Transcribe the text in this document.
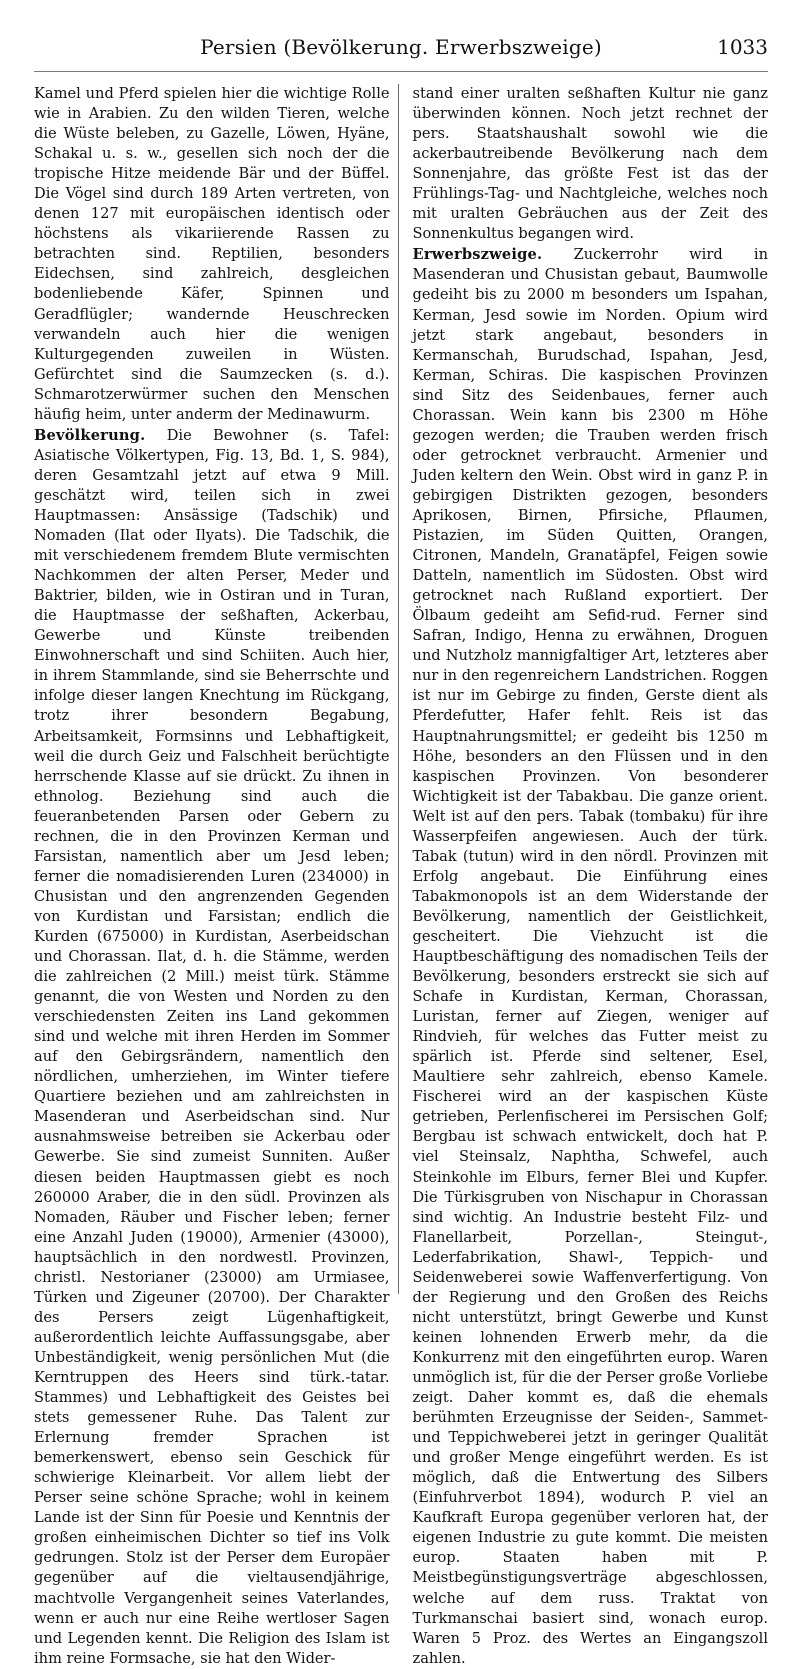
Persien (Bevölkerung. Erwerbszweige)	1033

Kamel und Pferd spielen hier die wichtige Rolle wie in Arabien. Zu den wilden Tieren, welche die Wüste beleben, zu Gazelle, Löwen, Hyäne, Schakal u. s. w., gesellen sich noch der die tropische Hitze meidende Bär und der Büffel. Die Vögel sind durch 189 Arten vertreten, von denen 127 mit europäischen identisch oder höchstens als vikariierende Rassen zu betrachten sind. Reptilien, besonders Eidechsen, sind zahlreich, desgleichen bodenliebende Käfer, Spinnen und Geradflügler; wandernde Heuschrecken verwandeln auch hier die wenigen Kulturgegenden zuweilen in Wüsten. Gefürchtet sind die Saumzecken (s. d.). Schmarotzerwürmer suchen den Menschen häufig heim, unter anderm der Medinawurm.

Bevölkerung. Die Bewohner (s. Tafel: Asiatische Völkertypen, Fig. 13, Bd. 1, S. 984), deren Gesamtzahl jetzt auf etwa 9 Mill. geschätzt wird, teilen sich in zwei Hauptmassen: Ansässige (Tadschik) und Nomaden (Ilat oder Ilyats). Die Tadschik, die mit verschiedenem fremdem Blute vermischten Nachkommen der alten Perser, Meder und Baktrier, bilden, wie in Ostiran und in Turan, die Hauptmasse der seßhaften, Ackerbau, Gewerbe und Künste treibenden Einwohnerschaft und sind Schiiten. Auch hier, in ihrem Stammlande, sind sie Beherrschte und infolge dieser langen Knechtung im Rückgang, trotz ihrer besondern Begabung, Arbeitsamkeit, Formsinns und Lebhaftigkeit, weil die durch Geiz und Falschheit berüchtigte herrschende Klasse auf sie drückt. Zu ihnen in ethnolog. Beziehung sind auch die feueranbetenden Parsen oder Gebern zu rechnen, die in den Provinzen Kerman und Farsistan, namentlich aber um Jesd leben; ferner die nomadisierenden Luren (234000) in Chusistan und den angrenzenden Gegenden von Kurdistan und Farsistan; endlich die Kurden (675000) in Kurdistan, Aserbeidschan und Chorassan. Ilat, d. h. die Stämme, werden die zahlreichen (2 Mill.) meist türk. Stämme genannt, die von Westen und Norden zu den verschiedensten Zeiten ins Land gekommen sind und welche mit ihren Herden im Sommer auf den Gebirgsrändern, namentlich den nördlichen, umherziehen, im Winter tiefere Quartiere beziehen und am zahlreichsten in Masenderan und Aserbeidschan sind. Nur ausnahmsweise betreiben sie Ackerbau oder Gewerbe. Sie sind zumeist Sunniten. Außer diesen beiden Hauptmassen giebt es noch 260000 Araber, die in den südl. Provinzen als Nomaden, Räuber und Fischer leben; ferner eine Anzahl Juden (19000), Armenier (43000), hauptsächlich in den nordwestl. Provinzen, christl. Nestorianer (23000) am Urmiasee, Türken und Zigeuner (20700). Der Charakter des Persers zeigt Lügenhaftigkeit, außerordentlich leichte Auffassungsgabe, aber Unbeständigkeit, wenig persönlichen Mut (die Kerntruppen des Heers sind türk.-tatar. Stammes) und Lebhaftigkeit des Geistes bei stets gemessener Ruhe. Das Talent zur Erlernung fremder Sprachen ist bemerkenswert, ebenso sein Geschick für schwierige Kleinarbeit. Vor allem liebt der Perser seine schöne Sprache; wohl in keinem Lande ist der Sinn für Poesie und Kenntnis der großen einheimischen Dichter so tief ins Volk gedrungen. Stolz ist der Perser dem Europäer gegenüber auf die vieltausendjährige, machtvolle Vergangenheit seines Vaterlandes, wenn er auch nur eine Reihe wertloser Sagen und Legenden kennt. Die Religion des Islam ist ihm reine Formsache, sie hat den Wider-

stand einer uralten seßhaften Kultur nie ganz überwinden können. Noch jetzt rechnet der pers. Staatshaushalt sowohl wie die ackerbautreibende Bevölkerung nach dem Sonnenjahre, das größte Fest ist das der Frühlings-Tag- und Nachtgleiche, welches noch mit uralten Gebräuchen aus der Zeit des Sonnenkultus begangen wird.

Erwerbszweige. Zuckerrohr wird in Masenderan und Chusistan gebaut, Baumwolle gedeiht bis zu 2000 m besonders um Ispahan, Kerman, Jesd sowie im Norden. Opium wird jetzt stark angebaut, besonders in Kermanschah, Burudschad, Ispahan, Jesd, Kerman, Schiras. Die kaspischen Provinzen sind Sitz des Seidenbaues, ferner auch Chorassan. Wein kann bis 2300 m Höhe gezogen werden; die Trauben werden frisch oder getrocknet verbraucht. Armenier und Juden keltern den Wein. Obst wird in ganz P. in gebirgigen Distrikten gezogen, besonders Aprikosen, Birnen, Pfirsiche, Pflaumen, Pistazien, im Süden Quitten, Orangen, Citronen, Mandeln, Granatäpfel, Feigen sowie Datteln, namentlich im Südosten. Obst wird getrocknet nach Rußland exportiert. Der Ölbaum gedeiht am Sefid-rud. Ferner sind Safran, Indigo, Henna zu erwähnen, Droguen und Nutzholz mannigfaltiger Art, letzteres aber nur in den regenreichern Landstrichen. Roggen ist nur im Gebirge zu finden, Gerste dient als Pferdefutter, Hafer fehlt. Reis ist das Hauptnahrungsmittel; er gedeiht bis 1250 m Höhe, besonders an den Flüssen und in den kaspischen Provinzen. Von besonderer Wichtigkeit ist der Tabakbau. Die ganze orient. Welt ist auf den pers. Tabak (tombaku) für ihre Wasserpfeifen angewiesen. Auch der türk. Tabak (tutun) wird in den nördl. Provinzen mit Erfolg angebaut. Die Einführung eines Tabakmonopols ist an dem Widerstande der Bevölkerung, namentlich der Geistlichkeit, gescheitert. Die Viehzucht ist die Hauptbeschäftigung des nomadischen Teils der Bevölkerung, besonders erstreckt sie sich auf Schafe in Kurdistan, Kerman, Chorassan, Luristan, ferner auf Ziegen, weniger auf Rindvieh, für welches das Futter meist zu spärlich ist. Pferde sind seltener, Esel, Maultiere sehr zahlreich, ebenso Kamele. Fischerei wird an der kaspischen Küste getrieben, Perlenfischerei im Persischen Golf; Bergbau ist schwach entwickelt, doch hat P. viel Steinsalz, Naphtha, Schwefel, auch Steinkohle im Elburs, ferner Blei und Kupfer. Die Türkisgruben von Nischapur in Chorassan sind wichtig. An Industrie besteht Filz- und Flanellarbeit, Porzellan-, Steingut-, Lederfabrikation, Shawl-, Teppich- und Seidenweberei sowie Waffenverfertigung. Von der Regierung und den Großen des Reichs nicht unterstützt, bringt Gewerbe und Kunst keinen lohnenden Erwerb mehr, da die Konkurrenz mit den eingeführten europ. Waren unmöglich ist, für die der Perser große Vorliebe zeigt. Daher kommt es, daß die ehemals berühmten Erzeugnisse der Seiden-, Sammet- und Teppichweberei jetzt in geringer Qualität und großer Menge eingeführt werden. Es ist möglich, daß die Entwertung des Silbers (Einfuhrverbot 1894), wodurch P. viel an Kaufkraft Europa gegenüber verloren hat, der eigenen Industrie zu gute kommt. Die meisten europ. Staaten haben mit P. Meistbegünstigungsverträge abgeschlossen, welche auf dem russ. Traktat von Turkmanschai basiert sind, wonach europ. Waren 5 Proz. des Wertes an Eingangszoll zahlen.
